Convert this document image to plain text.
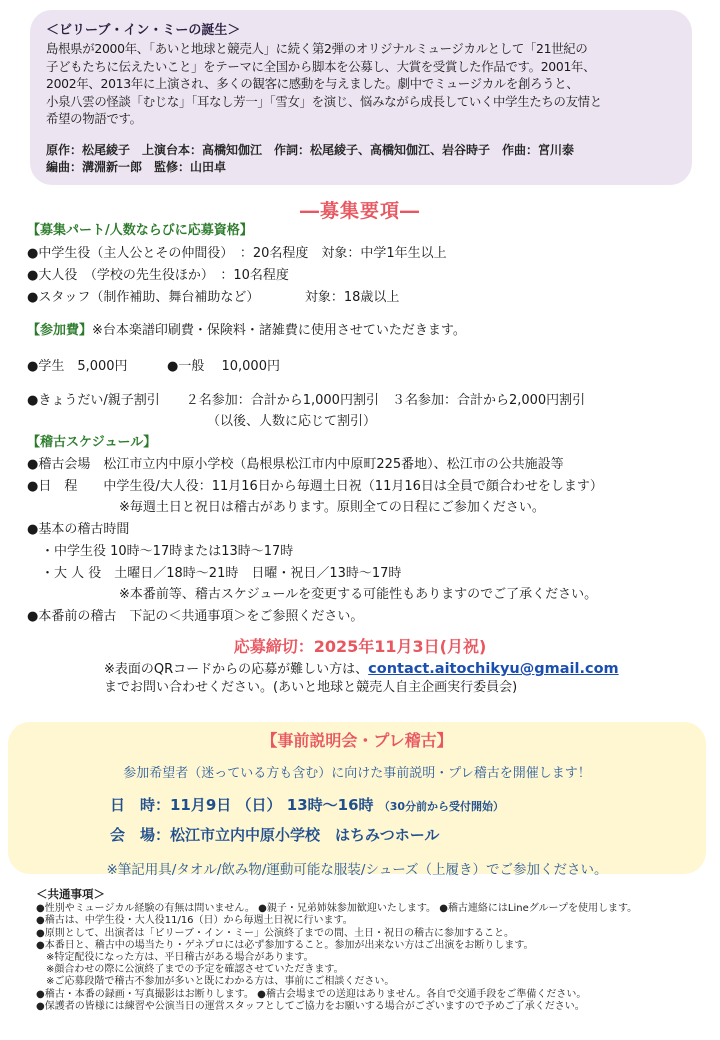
＜ビリーブ・イン・ミーの誕生＞

島根県が2000年、「あいと地球と競売人」に続く第2弾のオリジナルミュージカルとして「21世紀の
子どもたちに伝えたいこと」をテーマに全国から脚本を公募し、大賞を受賞した作品です。2001年、
2002年、2013年に上演され、多くの観客に感動を与えました。劇中でミュージカルを創ろうと、
小泉八雲の怪談「むじな」「耳なし芳一」「雪女」を演じ、悩みながら成長していく中学生たちの友情と
希望の物語です。

原作：松尾綾子　上演台本：高橋知伽江　作詞：松尾綾子、高橋知伽江、岩谷時子　作曲：宮川泰
編曲：溝淵新一郎　監修：山田卓

―募集要項―
【募集パート/人数ならびに応募資格】
●中学生役（主人公とその仲間役）　：20名程度　対象：中学1年生以上
●大人役　（学校の先生役ほか）　：10名程度
●スタッフ（制作補助、舞台補助など）　　　　対象：18歳以上
【参加費】※台本楽譜印刷費・保険料・諸雑費に使用させていただきます。
●学生　5,000円	●一般　 10,000円
●きょうだい/親子割引　　２名参加：合計から1,000円割引　３名参加：合計から2,000円割引
（以後、人数に応じて割引）
【稽古スケジュール】
●稽古会場　松江市立内中原小学校（島根県松江市内中原町225番地）、松江市の公共施設等
●日　程　　中学生役/大人役：11月16日から毎週土日祝（11月16日は全員で顔合わせをします）
※毎週土日と祝日は稽古があります。原則全ての日程にご参加ください。
●基本の稽古時間
・中学生役 10時～17時または13時～17時
・大 人 役　土曜日／18時～21時　日曜・祝日／13時～17時
※本番前等、稽古スケジュールを変更する可能性もありますのでご了承ください。
●本番前の稽古　下記の＜共通事項＞をご参照ください。

応募締切：2025年11月3日(月祝)

※表面のQRコードからの応募が難しい方は、contact.aitochikyu@gmail.com
までお問い合わせください。(あいと地球と競売人自主企画実行委員会)
【事前説明会・プレ稽古】
参加希望者（迷っている方も含む）に向けた事前説明・プレ稽古を開催します！
日　時：11月9日 （日） 13時～16時 （30分前から受付開始）
会　場：松江市立内中原小学校　はちみつホール
※筆記用具/タオル/飲み物/運動可能な服装/シューズ（上履き）でご参加ください。
＜共通事項＞
●性別やミュージカル経験の有無は問いません。 ●親子・兄弟姉妹参加歓迎いたします。 ●稽古連絡にはLineグループを使用します。
●稽古は、中学生役・大人役11/16（日）から毎週土日祝に行います。
●原則として、出演者は「ビリーブ・イン・ミー」公演終了までの間、土日・祝日の稽古に参加すること。
●本番日と、稽古中の場当たり・ゲネプロには必ず参加すること。参加が出来ない方はご出演をお断りします。
　※特定配役になった方は、平日稽古がある場合があります。
　※顔合わせの際に公演終了までの予定を確認させていただきます。
　※ご応募段階で稽古不参加が多いと既にわかる方は、事前にご相談ください。
●稽古・本番の録画・写真撮影はお断りします。 ●稽古会場までの送迎はありません。各自で交通手段をご準備ください。
●保護者の皆様には練習や公演当日の運営スタッフとしてご協力をお願いする場合がございますので予めご了承ください。
